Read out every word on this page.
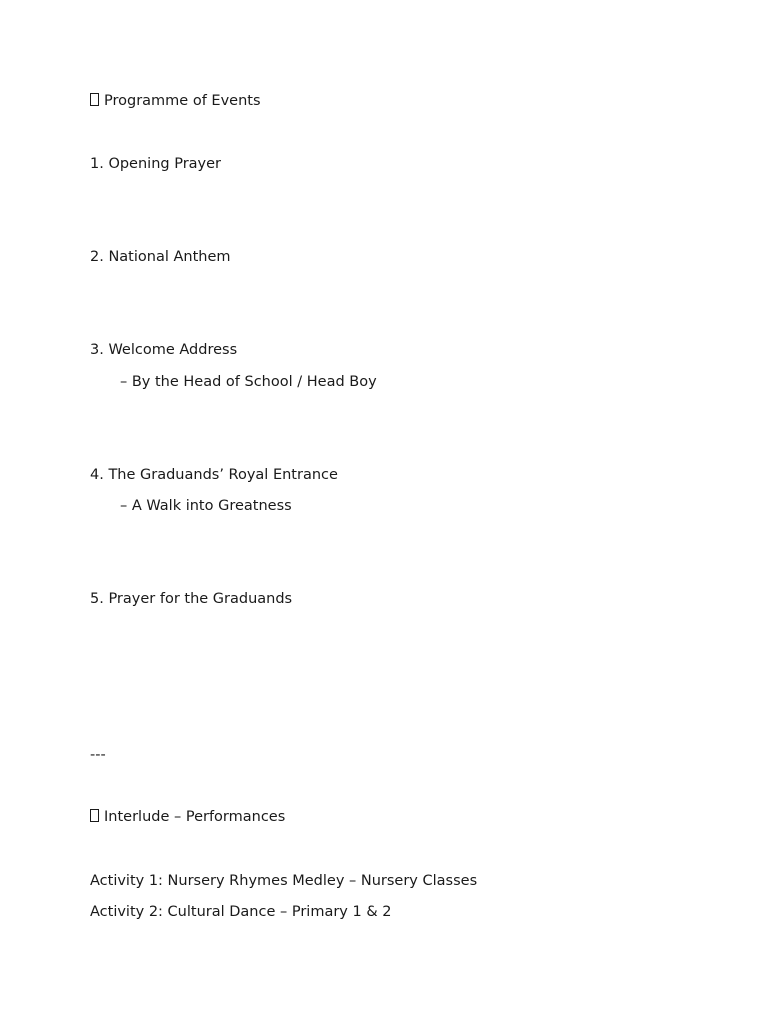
Programme of Events
1. Opening Prayer
2. National Anthem
3. Welcome Address
– By the Head of School / Head Boy
4. The Graduands’ Royal Entrance
– A Walk into Greatness
5. Prayer for the Graduands
---
Interlude – Performances
Activity 1: Nursery Rhymes Medley – Nursery Classes
Activity 2: Cultural Dance – Primary 1 & 2
